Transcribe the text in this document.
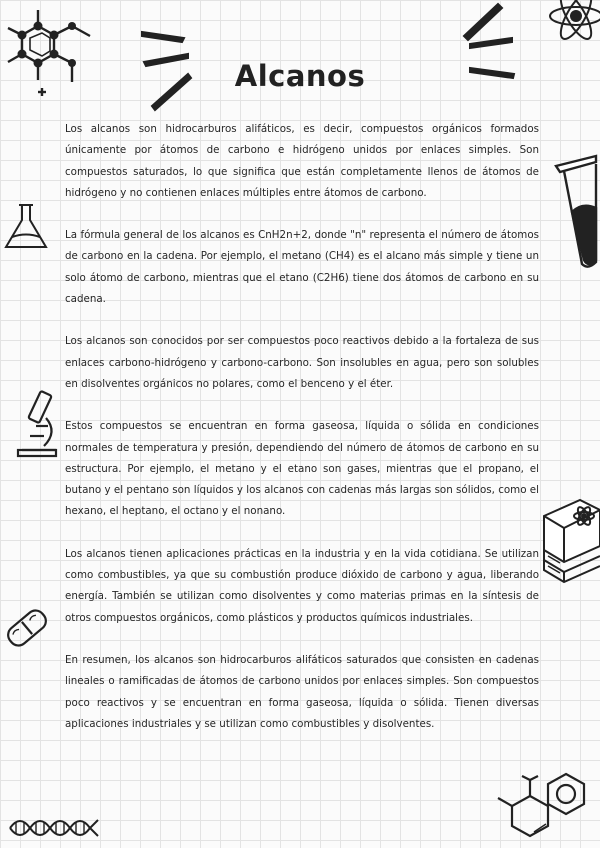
Alcanos

Los alcanos son hidrocarburos alifáticos, es decir, compuestos orgánicos formados únicamente por átomos de carbono e hidrógeno unidos por enlaces simples. Son compuestos saturados, lo que significa que están completamente llenos de átomos de hidrógeno y no contienen enlaces múltiples entre átomos de carbono.

La fórmula general de los alcanos es CnH2n+2, donde "n" representa el número de átomos de carbono en la cadena. Por ejemplo, el metano (CH4) es el alcano más simple y tiene un solo átomo de carbono, mientras que el etano (C2H6) tiene dos átomos de carbono en su cadena.

Los alcanos son conocidos por ser compuestos poco reactivos debido a la fortaleza de sus enlaces carbono-hidrógeno y carbono-carbono. Son insolubles en agua, pero son solubles en disolventes orgánicos no polares, como el benceno y el éter.

Estos compuestos se encuentran en forma gaseosa, líquida o sólida en condiciones normales de temperatura y presión, dependiendo del número de átomos de carbono en su estructura. Por ejemplo, el metano y el etano son gases, mientras que el propano, el butano y el pentano son líquidos y los alcanos con cadenas más largas son sólidos, como el hexano, el heptano, el octano y el nonano.

Los alcanos tienen aplicaciones prácticas en la industria y en la vida cotidiana. Se utilizan como combustibles, ya que su combustión produce dióxido de carbono y agua, liberando energía. También se utilizan como disolventes y como materias primas en la síntesis de otros compuestos orgánicos, como plásticos y productos químicos industriales.

En resumen, los alcanos son hidrocarburos alifáticos saturados que consisten en cadenas lineales o ramificadas de átomos de carbono unidos por enlaces simples. Son compuestos poco reactivos y se encuentran en forma gaseosa, líquida o sólida. Tienen diversas aplicaciones industriales y se utilizan como combustibles y disolventes.
